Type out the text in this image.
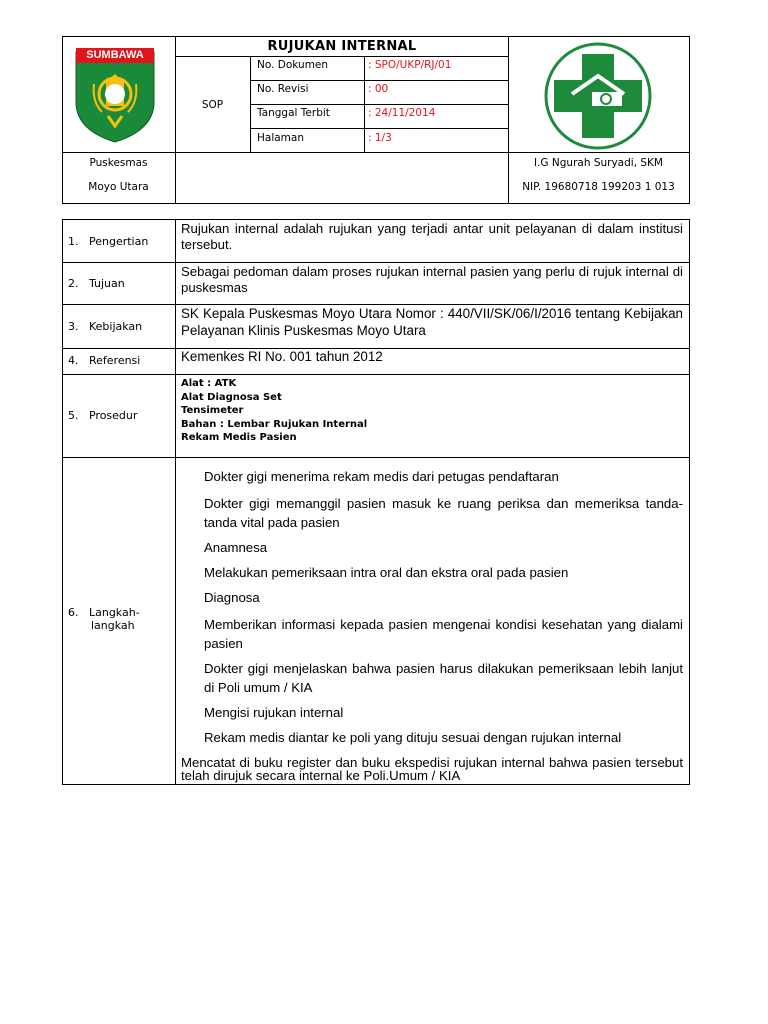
SUMBAWA
RUJUKAN INTERNAL
SOP
No. Dokumen	: SPO/UKP/RJ/01
No. Revisi	: 00
Tanggal Terbit	: 24/11/2014
Halaman	: 1/3
Puskesmas
Moyo Utara
I.G Ngurah Suryadi, SKM
NIP. 19680718 199203 1 013
1.   Pengertian
Rujukan internal adalah rujukan yang terjadi antar unit pelayanan di dalam institusi tersebut.
2.   Tujuan
Sebagai pedoman dalam proses rujukan internal pasien yang perlu di rujuk internal di puskesmas
3.   Kebijakan
SK Kepala Puskesmas Moyo Utara Nomor : 440/VII/SK/06/I/2016 tentang Kebijakan Pelayanan Klinis Puskesmas Moyo Utara
4.   Referensi	Kemenkes RI No. 001 tahun 2012
5.   Prosedur
Alat : ATK
Alat Diagnosa Set
Tensimeter
Bahan : Lembar Rujukan Internal
Rekam Medis Pasien
6.   Langkah-
langkah
Dokter gigi menerima rekam medis dari petugas pendaftaran
Dokter gigi memanggil pasien masuk ke ruang periksa dan memeriksa tanda-tanda vital pada pasien
Anamnesa
Melakukan pemeriksaan intra oral dan ekstra oral pada pasien
Diagnosa
Memberikan informasi kepada pasien mengenai kondisi kesehatan yang dialami pasien
Dokter gigi menjelaskan bahwa pasien harus dilakukan pemeriksaan lebih lanjut di Poli umum / KIA
Mengisi rujukan internal
Rekam medis diantar ke poli yang dituju sesuai dengan rujukan internal
Mencatat di buku register dan buku ekspedisi rujukan internal bahwa pasien tersebut telah dirujuk secara internal ke Poli.Umum / KIA
